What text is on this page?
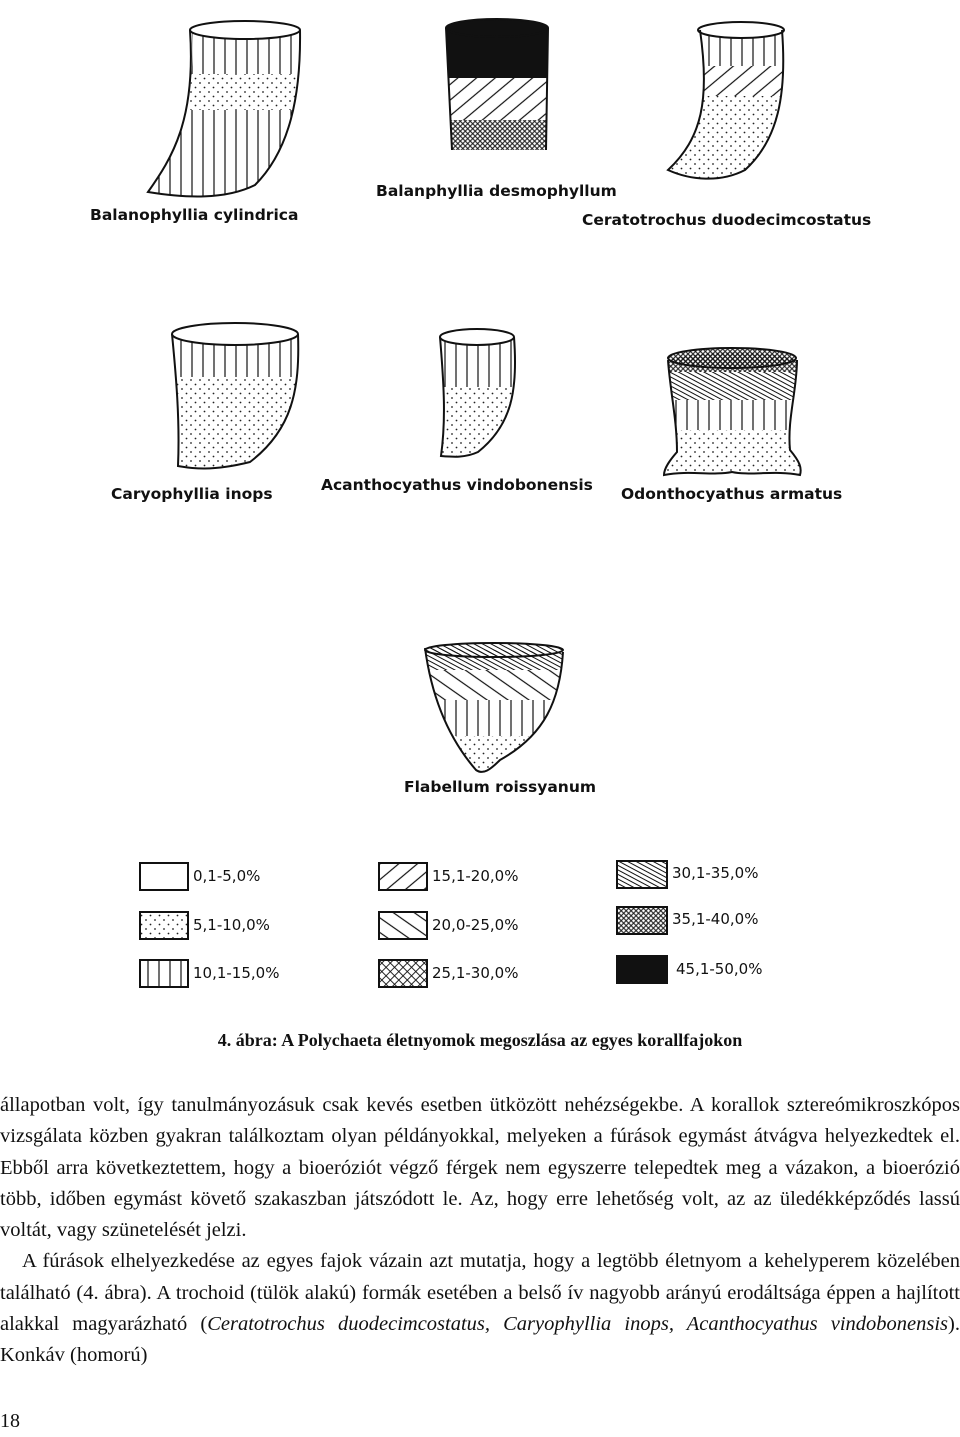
Balanophyllia cylindrica
Balanphyllia desmophyllum
Ceratotrochus duodecimcostatus
Caryophyllia inops	Acanthocyathus vindobonensis Odonthocyathus armatus
Flabellum roissyanum
0,1-5,0%
5,1-10,0%
10,1-15,0%
15,1-20,0%
20,0-25,0%
25,1-30,0%
30,1-35,0%
35,1-40,0%
45,1-50,0%
4. ábra: A Polychaeta életnyomok megoszlása az egyes korallfajokon

állapotban volt, így tanulmányozásuk csak kevés esetben ütközött nehézségekbe. A korallok sztereómikroszkópos vizsgálata közben gyakran találkoztam olyan példányokkal, melyeken a fúrások egymást átvágva helyezkedtek el. Ebből arra következtettem, hogy a bioeróziót végző férgek nem egyszerre telepedtek meg a vázakon, a bioerózió több, időben egymást követő szakaszban játszódott le. Az, hogy erre lehetőség volt, az az üledékképződés lassú voltát, vagy szünetelését jelzi.

A fúrások elhelyezkedése az egyes fajok vázain azt mutatja, hogy a legtöbb életnyom a kehelyperem közelében található (4. ábra). A trochoid (tülök alakú) formák esetében a belső ív nagyobb arányú erodáltsága éppen a hajlított alakkal magyarázható (Ceratotrochus duodecimcostatus, Caryophyllia inops, Acanthocyathus vindobonensis). Konkáv (homorú)

18
